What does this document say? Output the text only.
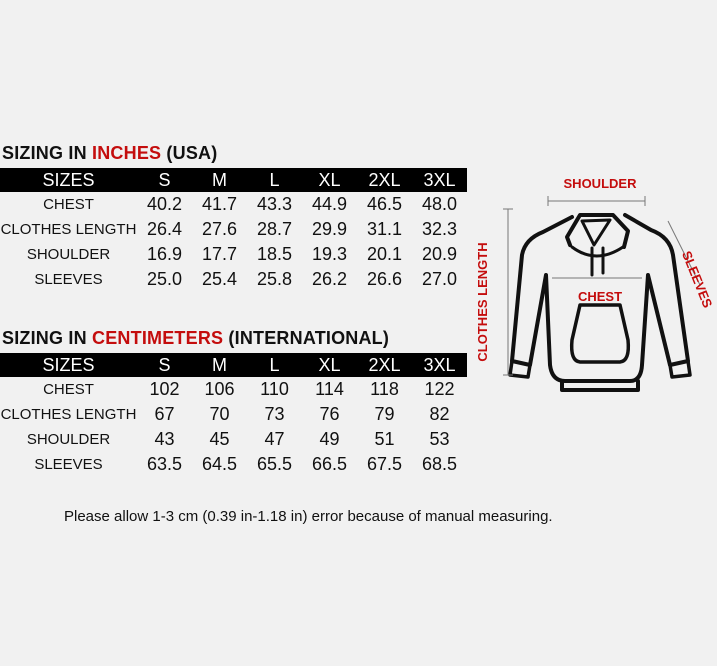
SIZING IN INCHES (USA)
SIZES	S	M	L	XL	2XL	3XL
CHEST	40.2	41.7	43.3	44.9	46.5	48.0
CLOTHES LENGTH	26.4	27.6	28.7	29.9	31.1	32.3
SHOULDER	16.9	17.7	18.5	19.3	20.1	20.9
SLEEVES	25.0	25.4	25.8	26.2	26.6	27.0
SIZING IN CENTIMETERS (INTERNATIONAL)
SIZES	S	M	L	XL	2XL	3XL
CHEST	102	106	110	114	118	122
CLOTHES LENGTH	67	70	73	76	79	82
SHOULDER	43	45	47	49	51	53
SLEEVES	63.5	64.5	65.5	66.5	67.5	68.5
SHOULDER
CHEST
CLOTHES LENGTH	SLEEVES
Please allow 1-3 cm (0.39 in-1.18 in) error because of manual measuring.
